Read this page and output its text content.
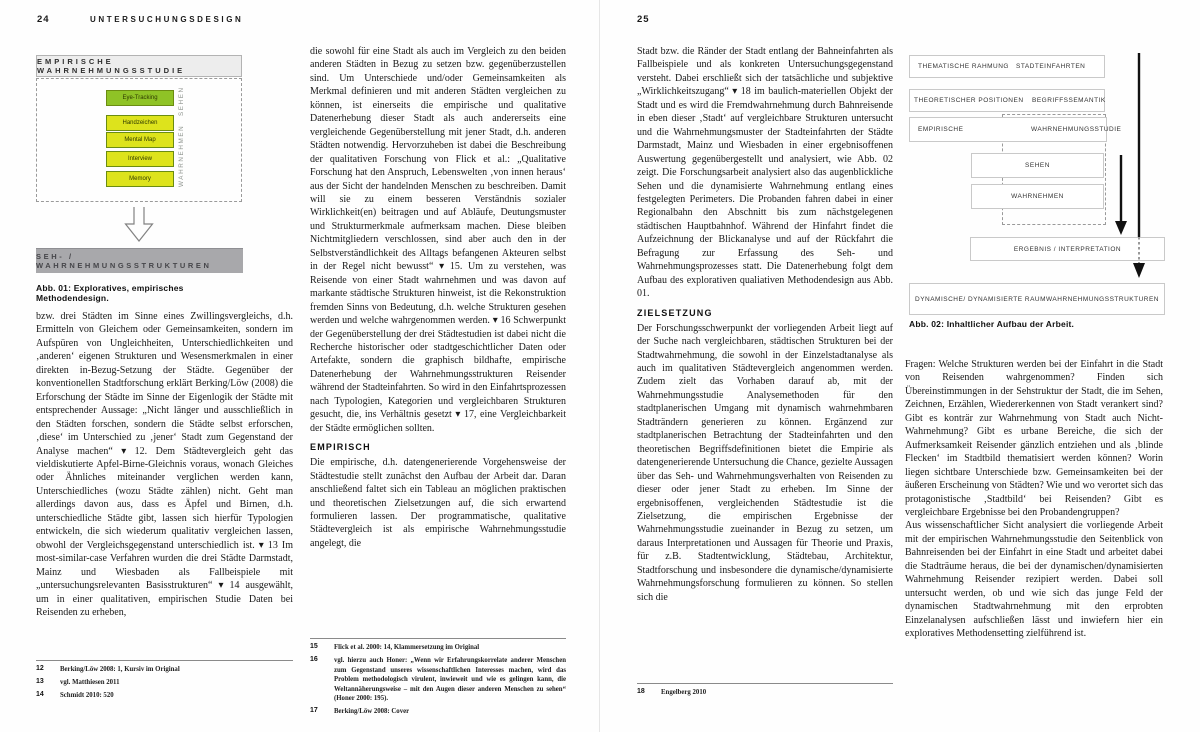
24	UNTERSUCHUNGSDESIGN	25
EMPIRISCHE WAHRNEHMUNGSSTUDIE
Eye-Tracking
Handzeichen
Mental Map
Interview
Memory
SEHEN
WAHRNEHMEN
SEH- / WAHRNEHMUNGSSTRUKTUREN
Abb. 01: Exploratives, empirisches Methodendesign.

bzw. drei Städten im Sinne eines Zwillingsvergleichs, d.h. Ermitteln von Gleichem oder Gemeinsamkeiten, sondern im Aufspüren von Ungleichheiten, Unterschiedlichkeiten und ‚anderen‘ eigenen Strukturen und Wesensmerkmalen in einer direkten in-Bezug-Setzung der Städte. Gegenüber der konventionellen Stadtforschung erklärt Berking/Löw (2008) die Erforschung der Städte im Sinne der Eigenlogik der Städte mit entsprechender Aussage: „Nicht länger und ausschließlich in den Städten forschen, sondern die Städte selbst erforschen, ‚diese‘ im Unterschied zu ‚jener‘ Stadt zum Gegenstand der Analyse machen“ ▾ 12. Dem Städtevergleich geht das vieldiskutierte Apfel-Birne-Gleichnis voraus, wonach Gleiches oder Ähnliches miteinander verglichen werden kann, Unterschiedliches (wozu Städte zählen) nicht. Geht man allerdings davon aus, dass es Äpfel und Birnen, d.h. unterschiedliche Städte gibt, lassen sich hierfür Typologien entwickeln, die sich wiederum qualitativ vergleichen lassen, obwohl der Vergleichsgegenstand unterschiedlich ist. ▾ 13 Im most-similar-case Verfahren wurden die drei Städte Darmstadt, Mainz und Wiesbaden als Fallbeispiele mit „untersuchungsrelevanten Basisstrukturen“ ▾ 14 ausgewählt, um in einer qualitativen, empirischen Studie Daten bei Reisenden zu erheben,

12	Berking/Löw 2008: 1, Kursiv im Original
13	vgl. Matthiesen 2011
14	Schmidt 2010: 520

die sowohl für eine Stadt als auch im Vergleich zu den beiden anderen Städten in Bezug zu setzen bzw. gegenüberzustellen sind. Um Unterschiede und/oder Gemeinsamkeiten als Merkmal definieren und mit anderen Städten vergleichen zu können, ist einerseits die empirische und qualitative Datenerhebung dieser Stadt als auch andererseits eine vergleichende Gegenüberstellung mit jener Stadt, d.h. anderen Städten notwendig. Hervorzuheben ist dabei die Beschreibung der qualitativen Forschung von Flick et al.: „Qualitative Forschung hat den Anspruch, Lebenswelten ‚von innen heraus‘ aus der Sicht der handelnden Menschen zu beschreiben. Damit will sie zu einem besseren Verständnis sozialer Wirklichkeit(en) beitragen und auf Abläufe, Deutungsmuster und Strukturmerkmale aufmerksam machen. Diese bleiben Nichtmitgliedern verschlossen, sind aber auch den in der Selbstverständlichkeit des Alltags befangenen Akteuren selbst in der Regel nicht bewusst“ ▾ 15. Um zu verstehen, was Reisende von einer Stadt wahrnehmen und was davon auf markante städtische Strukturen hinweist, ist die Rekonstruktion fremden Sinns von Bedeutung, d.h. welche Strukturen gesehen werden und welche wahrgenommen werden. ▾ 16 Schwerpunkt der Gegenüberstellung der drei Städtestudien ist dabei nicht die Recherche historischer oder stadtgeschichtlicher Daten oder Artefakte, sondern die graphisch bildhafte, empirische Datenerhebung der Wahrnehmungsstrukturen Reisender während der Stadteinfahrten. So wird in den Einfahrtsprozessen nach Typologien, Kategorien und vergleichbaren Strukturen gesucht, die, ins Verhältnis gesetzt ▾ 17, eine Vergleichbarkeit der Städte ermöglichen sollten.

EMPIRISCH

Die empirische, d.h. datengenerierende Vorgehensweise der Städtestudie stellt zunächst den Aufbau der Arbeit dar. Daran anschließend faltet sich ein Tableau an möglichen praktischen und theoretischen Zielsetzungen auf, die sich erwartend formulieren lassen. Der programmatische, qualitative Städtevergleich ist als empirische Wahrnehmungsstudie angelegt, die

15	Flick et al. 2000: 14, Klammersetzung im Original
16	vgl. hierzu auch Honer: „Wenn wir Erfahrungskorrelate anderer Menschen zum Gegenstand unseres wissenschaftlichen Interesses machen, wird das Problem methodologisch virulent, inwieweit und wie es gelingen kann, die Weltannäherungsweise – mit den Augen dieser anderen Menschen zu sehen“ (Honer 2000: 195).
17	Berking/Löw 2008: Cover

Stadt bzw. die Ränder der Stadt entlang der Bahneinfahrten als Fallbeispiele und als konkreten Untersuchungsgegenstand versteht. Dabei erschließt sich der tatsächliche und subjektive „Wirklichkeitszugang“ ▾ 18 im baulich-materiellen Objekt der Stadt und es wird die Fremdwahrnehmung durch Bahnreisende in eben dieser ‚Stadt‘ auf vergleichbare Strukturen untersucht und die Wahrnehmungsmuster der Stadteinfahrten der Städte Darmstadt, Mainz und Wiesbaden in einer ergebnisoffenen Auswertung gegenübergestellt und analysiert, wie Abb. 02 zeigt. Die Forschungsarbeit analysiert also das augenblickliche Sehen und die dynamisierte Wahrnehmung entlang eines festgelegten Perimeters. Die Probanden fahren dabei in einer Regionalbahn den Abschnitt bis zum nächstgelegenen städtischen Hauptbahnhof. Während der Hinfahrt findet die Aufzeichnung der Blickanalyse und auf der Rückfahrt die Befragung zur Erfassung des Seh- und Wahrnehmungsprozesses statt. Die Datenerhebung folgt dem Aufbau des explorativen qualiativen Methodendesign aus Abb. 01.

ZIELSETZUNG

Der Forschungsschwerpunkt der vorliegenden Arbeit liegt auf der Suche nach vergleichbaren, städtischen Strukturen bei der Stadtwahrnehmung, die sowohl in der Einzelstadtanalyse als auch im qualitativen Städtevergleich angenommen werden. Zudem zielt das Vorhaben darauf ab, mit der Wahrnehmungsstudie Analysemethoden für den stadtplanerischen Umgang mit dynamisch wahrnehmbaren Stadträndern generieren zu können. Ergänzend zur stadtplanerischen Betrachtung der Stadteinfahrten und den theoretischen Begriffsdefinitionen bietet die Empirie als datengenerierende Untersuchung die Chance, gezielte Aussagen über das Seh- und Wahrnehmungsverhalten von Reisenden zu dieser oder jener Stadt zu erheben. Im Sinne der ergebnisoffenen, vergleichenden Städtestudie ist die Zielsetzung, die empirischen Ergebnisse der Wahrnehmungsstudie zueinander in Bezug zu setzen, um daraus Interpretationen und Aussagen für Theorie und Praxis, für z.B. Stadtentwicklung, Städtebau, Architektur, Stadtforschung und insbesondere die dynamische/dynamisierte Wahrnehmungsforschung formulieren zu können. So stellen sich die

18	Engelberg 2010
THEMATISCHE RAHMUNG STADTEINFAHRTEN
THEORETISCHER POSITIONEN BEGRIFFSSEMANTIK
EMPIRISCHE	WAHRNEHMUNGSSTUDIE
SEHEN
WAHRNEHMEN
ERGEBNIS / INTERPRETATION
DYNAMISCHE/ DYNAMISIERTE RAUMWAHRNEHMUNGSSTRUKTUREN
Abb. 02: Inhaltlicher Aufbau der Arbeit.

Fragen: Welche Strukturen werden bei der Einfahrt in die Stadt von Reisenden wahrgenommen? Finden sich Übereinstimmungen in der Sehstruktur der Stadt, die im Sehen, Zeichnen, Erzählen, Wiedererkennen von Stadt verankert sind? Gibt es konträr zur Wahrnehmung von Stadt auch Nicht-Wahrnehmung? Gibt es urbane Bereiche, die sich der Aufmerksamkeit Reisender gänzlich entziehen und als ‚blinde Flecken‘ im Stadtbild thematisiert werden können? Worin liegen sichtbare Unterschiede bzw. Gemeinsamkeiten bei der äußeren Erscheinung von Städten? Wie und wo verortet sich das protagonistische ‚Stadtbild‘ bei Reisenden? Gibt es vergleichbare Ergebnisse bei den Probandengruppen?

Aus wissenschaftlicher Sicht analysiert die vorliegende Arbeit mit der empirischen Wahrnehmungsstudie den Seitenblick von Bahnreisenden bei der Einfahrt in eine Stadt und arbeitet dabei die Stadträume heraus, die bei der dynamischen/dynamisierten Wahrnehmung Reisender rezipiert werden. Dabei soll untersucht werden, ob und wie sich das junge Feld der dynamischen Stadtwahrnehmung mit den erprobten Einzelanalysen aufschließen lässt und inwiefern hier ein exploratives Methodensetting zielführend ist.
